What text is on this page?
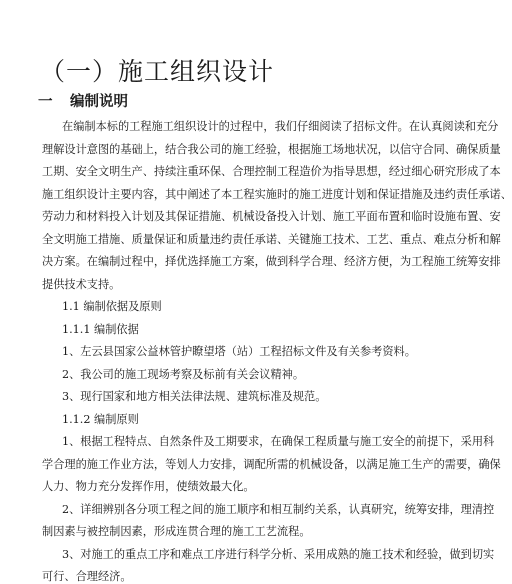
（一）施工组织设计
一 编制说明

在编制本标的工程施工组织设计的过程中，我们仔细阅读了招标文件。在认真阅读和充分

理解设计意图的基础上，结合我公司的施工经验，根据施工场地状况，以信守合同、确保质量

工期、安全文明生产、持续注重环保、合理控制工程造价为指导思想，经过细心研究形成了本

施工组织设计主要内容，其中阐述了本工程实施时的施工进度计划和保证措施及违约责任承诺、

劳动力和材料投入计划及其保证措施、机械设备投入计划、施工平面布置和临时设施布置、安

全文明施工措施、质量保证和质量违约责任承诺、关键施工技术、工艺、重点、难点分析和解

决方案。在编制过程中，择优选择施工方案，做到科学合理、经济方便，为工程施工统筹安排

提供技术支持。

1.1 编制依据及原则

1.1.1 编制依据

1、左云县国家公益林管护瞭望塔（站）工程招标文件及有关参考资料。

2、我公司的施工现场考察及标前有关会议精神。

3、现行国家和地方相关法律法规、建筑标准及规范。

1.1.2 编制原则

1、根据工程特点、自然条件及工期要求，在确保工程质量与施工安全的前提下，采用科

学合理的施工作业方法，等划人力安排，调配所需的机械设备，以满足施工生产的需要，确保

人力、物力充分发挥作用，使绩效最大化。

2、详细辨别各分项工程之间的施工顺序和相互制约关系，认真研究，统筹安排，理清控

制因素与被控制因素，形成连贯合理的施工工艺流程。

3、对施工的重点工序和难点工序进行科学分析、采用成熟的施工技术和经验，做到切实

可行、合理经济。
